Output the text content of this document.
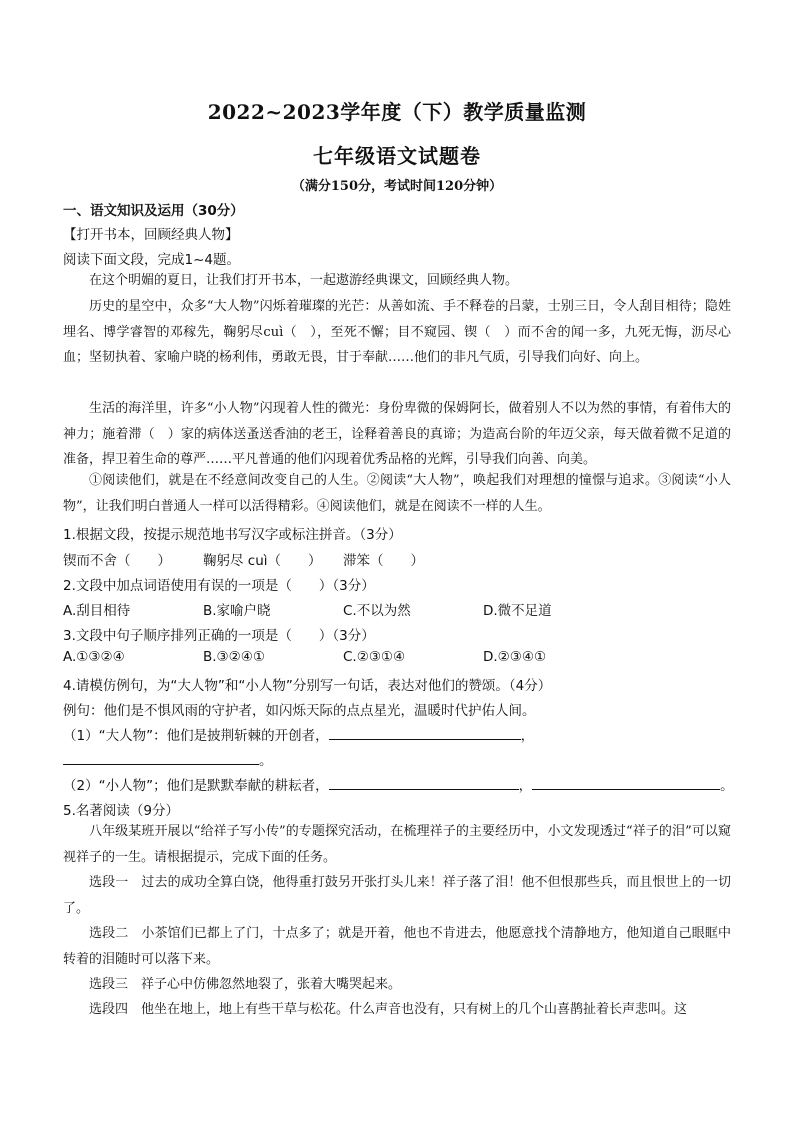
2022~2023学年度（下）教学质量监测
七年级语文试题卷
（满分150分，考试时间120分钟）
一、语文知识及运用（30分）
【打开书本，回顾经典人物】
阅读下面文段，完成1~4题。
在这个明媚的夏日，让我们打开书本，一起遨游经典课文，回顾经典人物。
历史的星空中，众多“大人物”闪烁着璀璨的光芒：从善如流、手不释卷的吕蒙，士别三日，令人刮目相待；隐姓埋名、博学睿智的邓稼先，鞠躬尽cuì（　），至死不懈；目不窥园、锲（　）而不舍的闻一多，九死无悔，沥尽心血；坚韧执着、家喻户晓的杨利伟，勇敢无畏，甘于奉献……他们的非凡气质，引导我们向好、向上。
生活的海洋里，许多“小人物”闪现着人性的微光：身份卑微的保姆阿长，做着别人不以为然的事情，有着伟大的神力；施着滞（　）家的病体送蚤送香油的老王，诠释着善良的真谛；为造高台阶的年迈父亲，每天做着微不足道的准备，捍卫着生命的尊严……平凡普通的他们闪现着优秀品格的光辉，引导我们向善、向美。
①阅读他们，就是在不经意间改变自己的人生。②阅读“大人物”，唤起我们对理想的憧憬与追求。③阅读“小人物”，让我们明白普通人一样可以活得精彩。④阅读他们，就是在阅读不一样的人生。
1.根据文段，按提示规范地书写汉字或标注拼音。（3分）
锲而不舍（　　） 鞠躬尽 cuì（　　） 滞笨（　　）
2.文段中加点词语使用有误的一项是（　　）（3分）
A.刮目相待	B.家喻户晓	C.不以为然	D.微不足道
3.文段中句子顺序排列正确的一项是（　　）（3分）
A.①③②④	B.③②④①	C.②③①④	D.②③④①
4.请模仿例句，为“大人物”和“小人物”分别写一句话，表达对他们的赞颂。（4分）
例句：他们是不惧风雨的守护者，如闪烁天际的点点星光，温暖时代护佑人间。
（1）“大人物”：他们是披荆斩棘的开创者，	，
。
（2）“小人物”；他们是默默奉献的耕耘者，	，	。
5.名著阅读（9分）
八年级某班开展以“给祥子写小传”的专题探究活动，在梳理祥子的主要经历中，小文发现透过“祥子的泪”可以窥视祥子的一生。请根据提示，完成下面的任务。
选段一　过去的成功全算白饶，他得重打鼓另开张打头儿来！祥子落了泪！他不但恨那些兵，而且恨世上的一切了。
选段二　小茶馆们已都上了门，十点多了；就是开着，他也不肯进去，他愿意找个清静地方，他知道自己眼眶中转着的泪随时可以落下来。
选段三　祥子心中仿佛忽然地裂了，张着大嘴哭起来。
选段四　他坐在地上，地上有些干草与松花。什么声音也没有，只有树上的几个山喜鹊扯着长声悲叫。这
